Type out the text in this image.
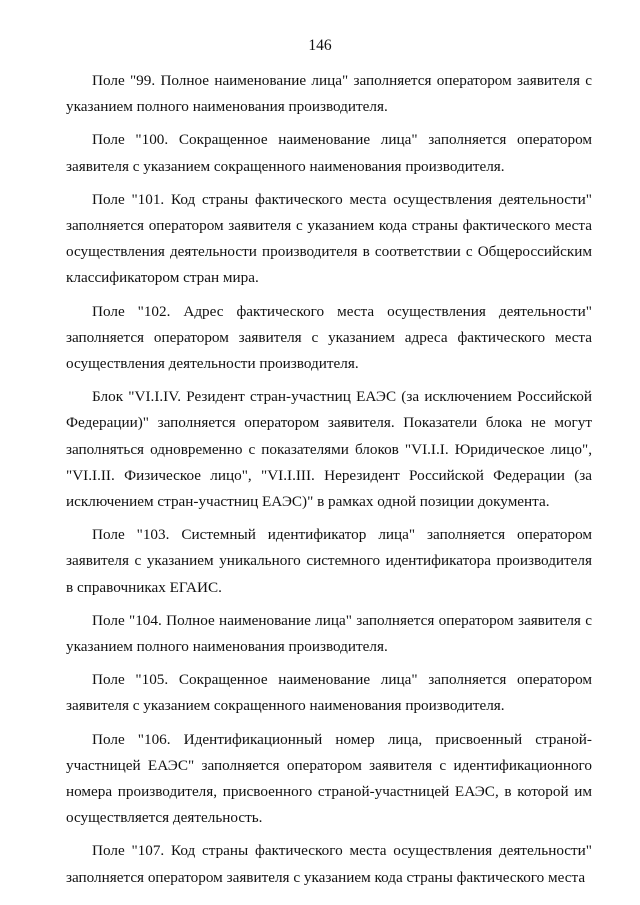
146

Поле "99. Полное наименование лица" заполняется оператором заявителя с указанием полного наименования производителя.

Поле "100. Сокращенное наименование лица" заполняется оператором заявителя с указанием сокращенного наименования производителя.

Поле "101. Код страны фактического места осуществления деятельности" заполняется оператором заявителя с указанием кода страны фактического места осуществления деятельности производителя в соответствии с Общероссийским классификатором стран мира.

Поле "102. Адрес фактического места осуществления деятельности" заполняется оператором заявителя с указанием адреса фактического места осуществления деятельности производителя.

Блок "VI.I.IV. Резидент стран-участниц ЕАЭС (за исключением Российской Федерации)" заполняется оператором заявителя. Показатели блока не могут заполняться одновременно с показателями блоков "VI.I.I. Юридическое лицо", "VI.I.II. Физическое лицо", "VI.I.III. Нерезидент Российской Федерации (за исключением стран-участниц ЕАЭС)" в рамках одной позиции документа.

Поле "103. Системный идентификатор лица" заполняется оператором заявителя с указанием уникального системного идентификатора производителя в справочниках ЕГАИС.

Поле "104. Полное наименование лица" заполняется оператором заявителя с указанием полного наименования производителя.

Поле "105. Сокращенное наименование лица" заполняется оператором заявителя с указанием сокращенного наименования производителя.

Поле "106. Идентификационный номер лица, присвоенный страной-участницей ЕАЭС" заполняется оператором заявителя с идентификационного номера производителя, присвоенного страной-участницей ЕАЭС, в которой им осуществляется деятельность.

Поле "107. Код страны фактического места осуществления деятельности" заполняется оператором заявителя с указанием кода страны фактического места
